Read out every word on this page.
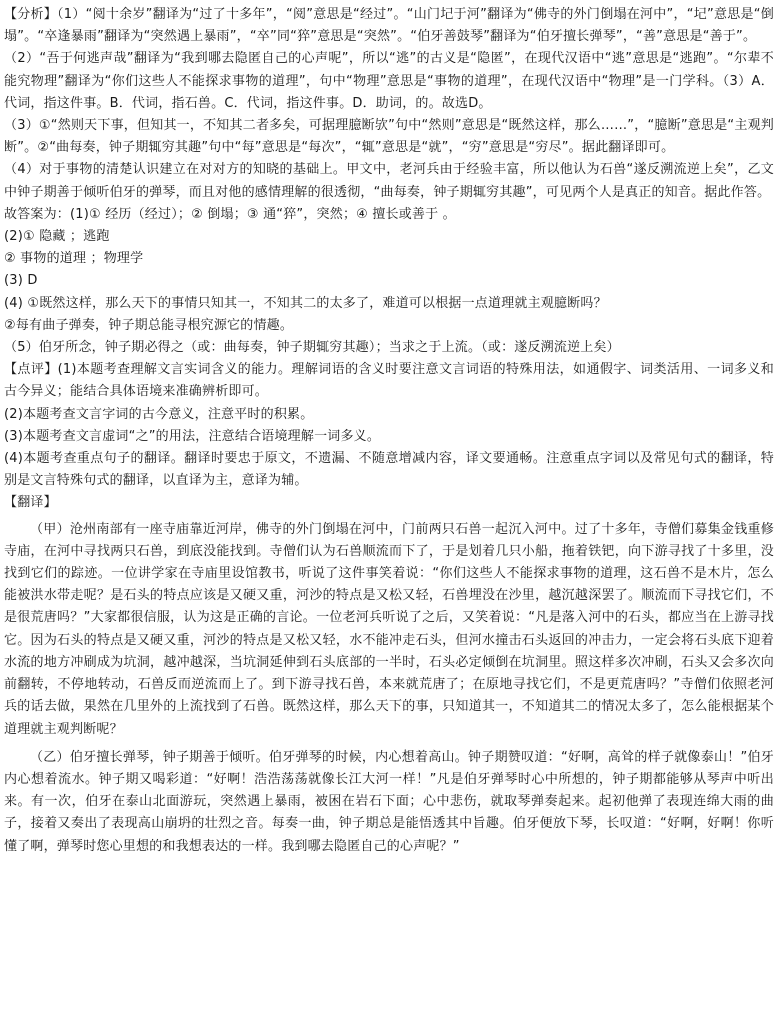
【分析】（1）“阅十余岁”翻译为“过了十多年”，“阅”意思是“经过”。“山门圮于河”翻译为“佛寺的外门倒塌在河中”，“圮”意思是“倒塌”。“卒逢暴雨”翻译为“突然遇上暴雨”，“卒”同“猝”意思是“突然”。“伯牙善鼓琴”翻译为“伯牙擅长弹琴”，“善”意思是“善于”。

（2）“吾于何逃声哉”翻译为“我到哪去隐匿自己的心声呢”，所以“逃”的古义是“隐匿”，在现代汉语中“逃”意思是“逃跑”。“尔辈不能究物理”翻译为“你们这些人不能探求事物的道理”，句中“物理”意思是“事物的道理”，在现代汉语中“物理”是一门学科。（3）A．代词，指这件事。B．代词，指石兽。C．代词，指这件事。D．助词，的。故选D。

（3）①“然则天下事，但知其一，不知其二者多矣，可据理臆断欤”句中“然则”意思是“既然这样，那么……”，“臆断”意思是“主观判断”。②“曲每奏，钟子期辄穷其趣”句中“每”意思是“每次”，“辄”意思是“就”，“穷”意思是“穷尽”。据此翻译即可。

（4）对于事物的清楚认识建立在对对方的知晓的基础上。甲文中，老河兵由于经验丰富，所以他认为石兽“遂反溯流逆上矣”，乙文中钟子期善于倾听伯牙的弹琴，而且对他的感情理解的很透彻，“曲每奏，钟子期辄穷其趣”，可见两个人是真正的知音。据此作答。

故答案为：(1)① 经历（经过）；② 倒塌；③ 通“猝”，突然；④ 擅长或善于 。

(2)① 隐藏 ；逃跑

② 事物的道理 ；物理学

(3) D

(4) ①既然这样，那么天下的事情只知其一，不知其二的太多了，难道可以根据一点道理就主观臆断吗？

②每有曲子弹奏，钟子期总能寻根究源它的情趣。

（5）伯牙所念，钟子期必得之（或：曲每奏，钟子期辄穷其趣）；当求之于上流。（或：遂反溯流逆上矣）

【点评】(1)本题考查理解文言实词含义的能力。理解词语的含义时要注意文言词语的特殊用法，如通假字、词类活用、一词多义和古今异义；能结合具体语境来准确辨析即可。

(2)本题考查文言字词的古今意义，注意平时的积累。

(3)本题考查文言虚词“之”的用法，注意结合语境理解一词多义。

(4)本题考查重点句子的翻译。翻译时要忠于原文，不遗漏、不随意增减内容，译文要通畅。注意重点字词以及常见句式的翻译，特别是文言特殊句式的翻译，以直译为主，意译为辅。

【翻译】

（甲）沧州南部有一座寺庙靠近河岸，佛寺的外门倒塌在河中，门前两只石兽一起沉入河中。过了十多年，寺僧们募集金钱重修寺庙，在河中寻找两只石兽，到底没能找到。寺僧们认为石兽顺流而下了，于是划着几只小船，拖着铁钯，向下游寻找了十多里，没找到它们的踪迹。一位讲学家在寺庙里设馆教书，听说了这件事笑着说：“你们这些人不能探求事物的道理，这石兽不是木片，怎么能被洪水带走呢？是石头的特点应该是又硬又重，河沙的特点是又松又轻，石兽埋没在沙里，越沉越深罢了。顺流而下寻找它们，不是很荒唐吗？”大家都很信服，认为这是正确的言论。一位老河兵听说了之后，又笑着说：“凡是落入河中的石头，都应当在上游寻找它。因为石头的特点是又硬又重，河沙的特点是又松又轻，水不能冲走石头，但河水撞击石头返回的冲击力，一定会将石头底下迎着水流的地方冲刷成为坑洞，越冲越深，当坑洞延伸到石头底部的一半时，石头必定倾倒在坑洞里。照这样多次冲刷，石头又会多次向前翻转，不停地转动，石兽反而逆流而上了。到下游寻找石兽，本来就荒唐了；在原地寻找它们，不是更荒唐吗？”寺僧们依照老河兵的话去做，果然在几里外的上流找到了石兽。既然这样，那么天下的事，只知道其一，不知道其二的情况太多了，怎么能根据某个道理就主观判断呢？

（乙）伯牙擅长弹琴，钟子期善于倾听。伯牙弹琴的时候，内心想着高山。钟子期赞叹道：“好啊，高耸的样子就像泰山！”伯牙内心想着流水。钟子期又喝彩道：“好啊！浩浩荡荡就像长江大河一样！”凡是伯牙弹琴时心中所想的，钟子期都能够从琴声中听出来。有一次，伯牙在泰山北面游玩，突然遇上暴雨，被困在岩石下面；心中悲伤，就取琴弹奏起来。起初他弹了表现连绵大雨的曲子，接着又奏出了表现高山崩坍的壮烈之音。每奏一曲，钟子期总是能悟透其中旨趣。伯牙便放下琴，长叹道：“好啊，好啊！你听懂了啊，弹琴时您心里想的和我想表达的一样。我到哪去隐匿自己的心声呢？”
